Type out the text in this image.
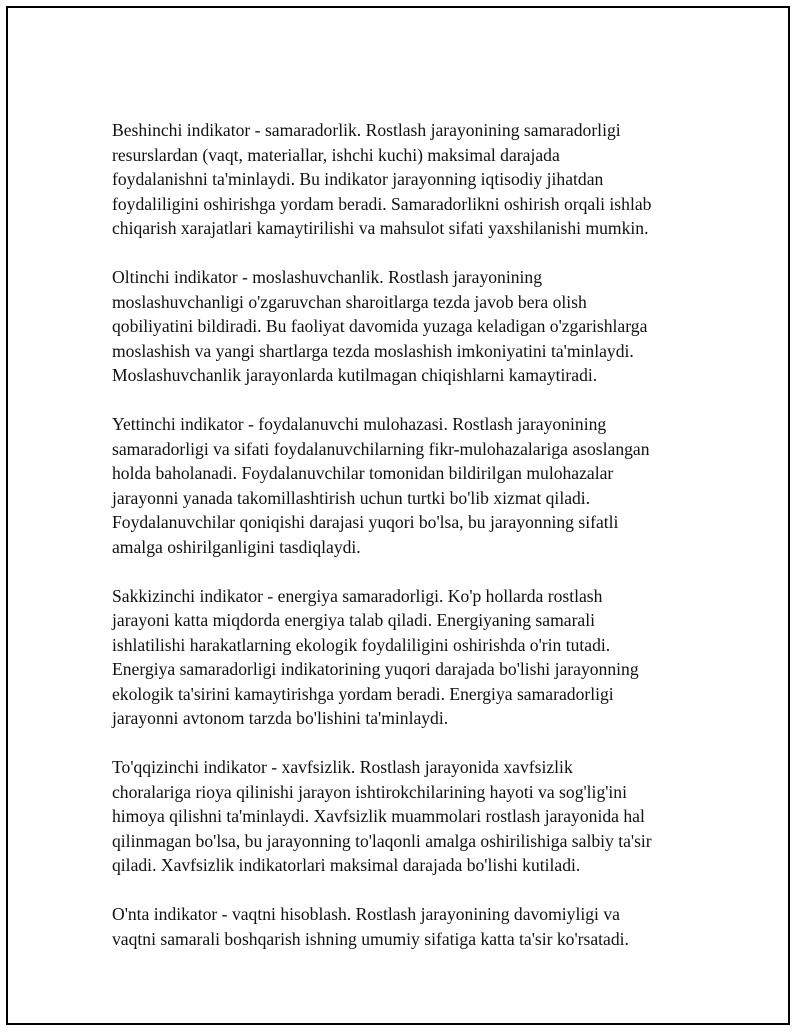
Beshinchi indikator - samaradorlik. Rostlash jarayonining samaradorligi
resurslardan (vaqt, materiallar, ishchi kuchi) maksimal darajada
foydalanishni ta'minlaydi. Bu indikator jarayonning iqtisodiy jihatdan
foydaliligini oshirishga yordam beradi. Samaradorlikni oshirish orqali ishlab
chiqarish xarajatlari kamaytirilishi va mahsulot sifati yaxshilanishi mumkin.

Oltinchi indikator - moslashuvchanlik. Rostlash jarayonining
moslashuvchanligi o'zgaruvchan sharoitlarga tezda javob bera olish
qobiliyatini bildiradi. Bu faoliyat davomida yuzaga keladigan o'zgarishlarga
moslashish va yangi shartlarga tezda moslashish imkoniyatini ta'minlaydi.
Moslashuvchanlik jarayonlarda kutilmagan chiqishlarni kamaytiradi.

Yettinchi indikator - foydalanuvchi mulohazasi. Rostlash jarayonining
samaradorligi va sifati foydalanuvchilarning fikr-mulohazalariga asoslangan
holda baholanadi. Foydalanuvchilar tomonidan bildirilgan mulohazalar
jarayonni yanada takomillashtirish uchun turtki bo'lib xizmat qiladi.
Foydalanuvchilar qoniqishi darajasi yuqori bo'lsa, bu jarayonning sifatli
amalga oshirilganligini tasdiqlaydi.

Sakkizinchi indikator - energiya samaradorligi. Ko'p hollarda rostlash
jarayoni katta miqdorda energiya talab qiladi. Energiyaning samarali
ishlatilishi harakatlarning ekologik foydaliligini oshirishda o'rin tutadi.
Energiya samaradorligi indikatorining yuqori darajada bo'lishi jarayonning
ekologik ta'sirini kamaytirishga yordam beradi. Energiya samaradorligi
jarayonni avtonom tarzda bo'lishini ta'minlaydi.

To'qqizinchi indikator - xavfsizlik. Rostlash jarayonida xavfsizlik
choralariga rioya qilinishi jarayon ishtirokchilarining hayoti va sog'lig'ini
himoya qilishni ta'minlaydi. Xavfsizlik muammolari rostlash jarayonida hal
qilinmagan bo'lsa, bu jarayonning to'laqonli amalga oshirilishiga salbiy ta'sir
qiladi. Xavfsizlik indikatorlari maksimal darajada bo'lishi kutiladi.

O'nta indikator - vaqtni hisoblash. Rostlash jarayonining davomiyligi va
vaqtni samarali boshqarish ishning umumiy sifatiga katta ta'sir ko'rsatadi.
